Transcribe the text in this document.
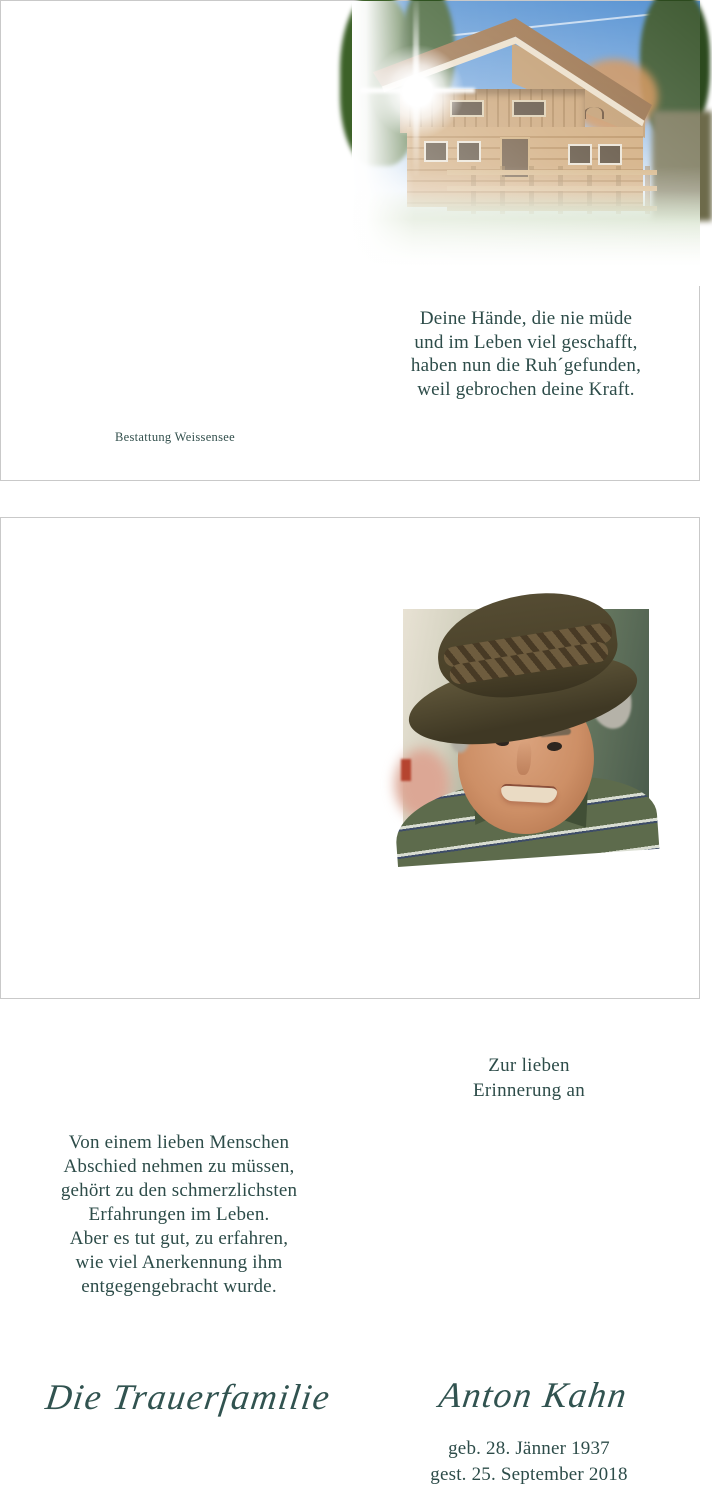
Deine Hände, die nie müde
und im Leben viel geschafft,
haben nun die Ruh´gefunden,
weil gebrochen deine Kraft.
Bestattung Weissensee
Zur lieben
Erinnerung an
Von einem lieben Menschen
Abschied nehmen zu müssen,
gehört zu den schmerzlichsten
Erfahrungen im Leben.
Aber es tut gut, zu erfahren,
wie viel Anerkennung ihm
entgegengebracht wurde.
Die Trauerfamilie	Anton Kahn
geb. 28. Jänner 1937
gest. 25. September 2018
